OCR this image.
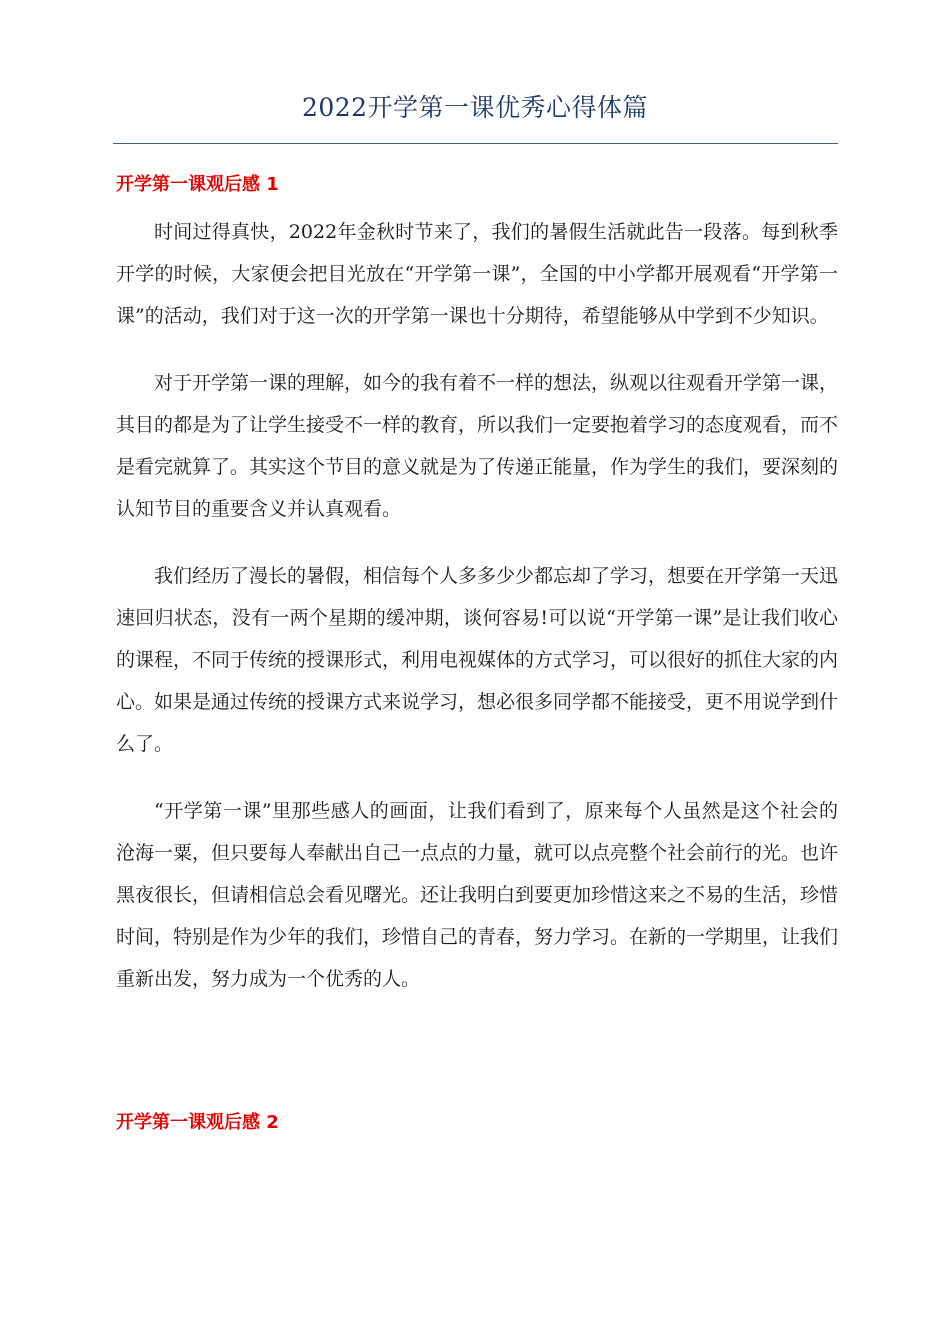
2022开学第一课优秀心得体篇
开学第一课观后感 1

时间过得真快，2022年金秋时节来了，我们的暑假生活就此告一段落。每到秋季开学的时候，大家便会把目光放在“开学第一课”，全国的中小学都开展观看“开学第一课”的活动，我们对于这一次的开学第一课也十分期待，希望能够从中学到不少知识。

对于开学第一课的理解，如今的我有着不一样的想法，纵观以往观看开学第一课，其目的都是为了让学生接受不一样的教育，所以我们一定要抱着学习的态度观看，而不是看完就算了。其实这个节目的意义就是为了传递正能量，作为学生的我们，要深刻的认知节目的重要含义并认真观看。

我们经历了漫长的暑假，相信每个人多多少少都忘却了学习，想要在开学第一天迅速回归状态，没有一两个星期的缓冲期，谈何容易!可以说“开学第一课”是让我们收心的课程，不同于传统的授课形式，利用电视媒体的方式学习，可以很好的抓住大家的内心。如果是通过传统的授课方式来说学习，想必很多同学都不能接受，更不用说学到什么了。

“开学第一课”里那些感人的画面，让我们看到了，原来每个人虽然是这个社会的沧海一粟，但只要每人奉献出自己一点点的力量，就可以点亮整个社会前行的光。也许黑夜很长，但请相信总会看见曙光。还让我明白到要更加珍惜这来之不易的生活，珍惜时间，特别是作为少年的我们，珍惜自己的青春，努力学习。在新的一学期里，让我们重新出发，努力成为一个优秀的人。

开学第一课观后感 2
